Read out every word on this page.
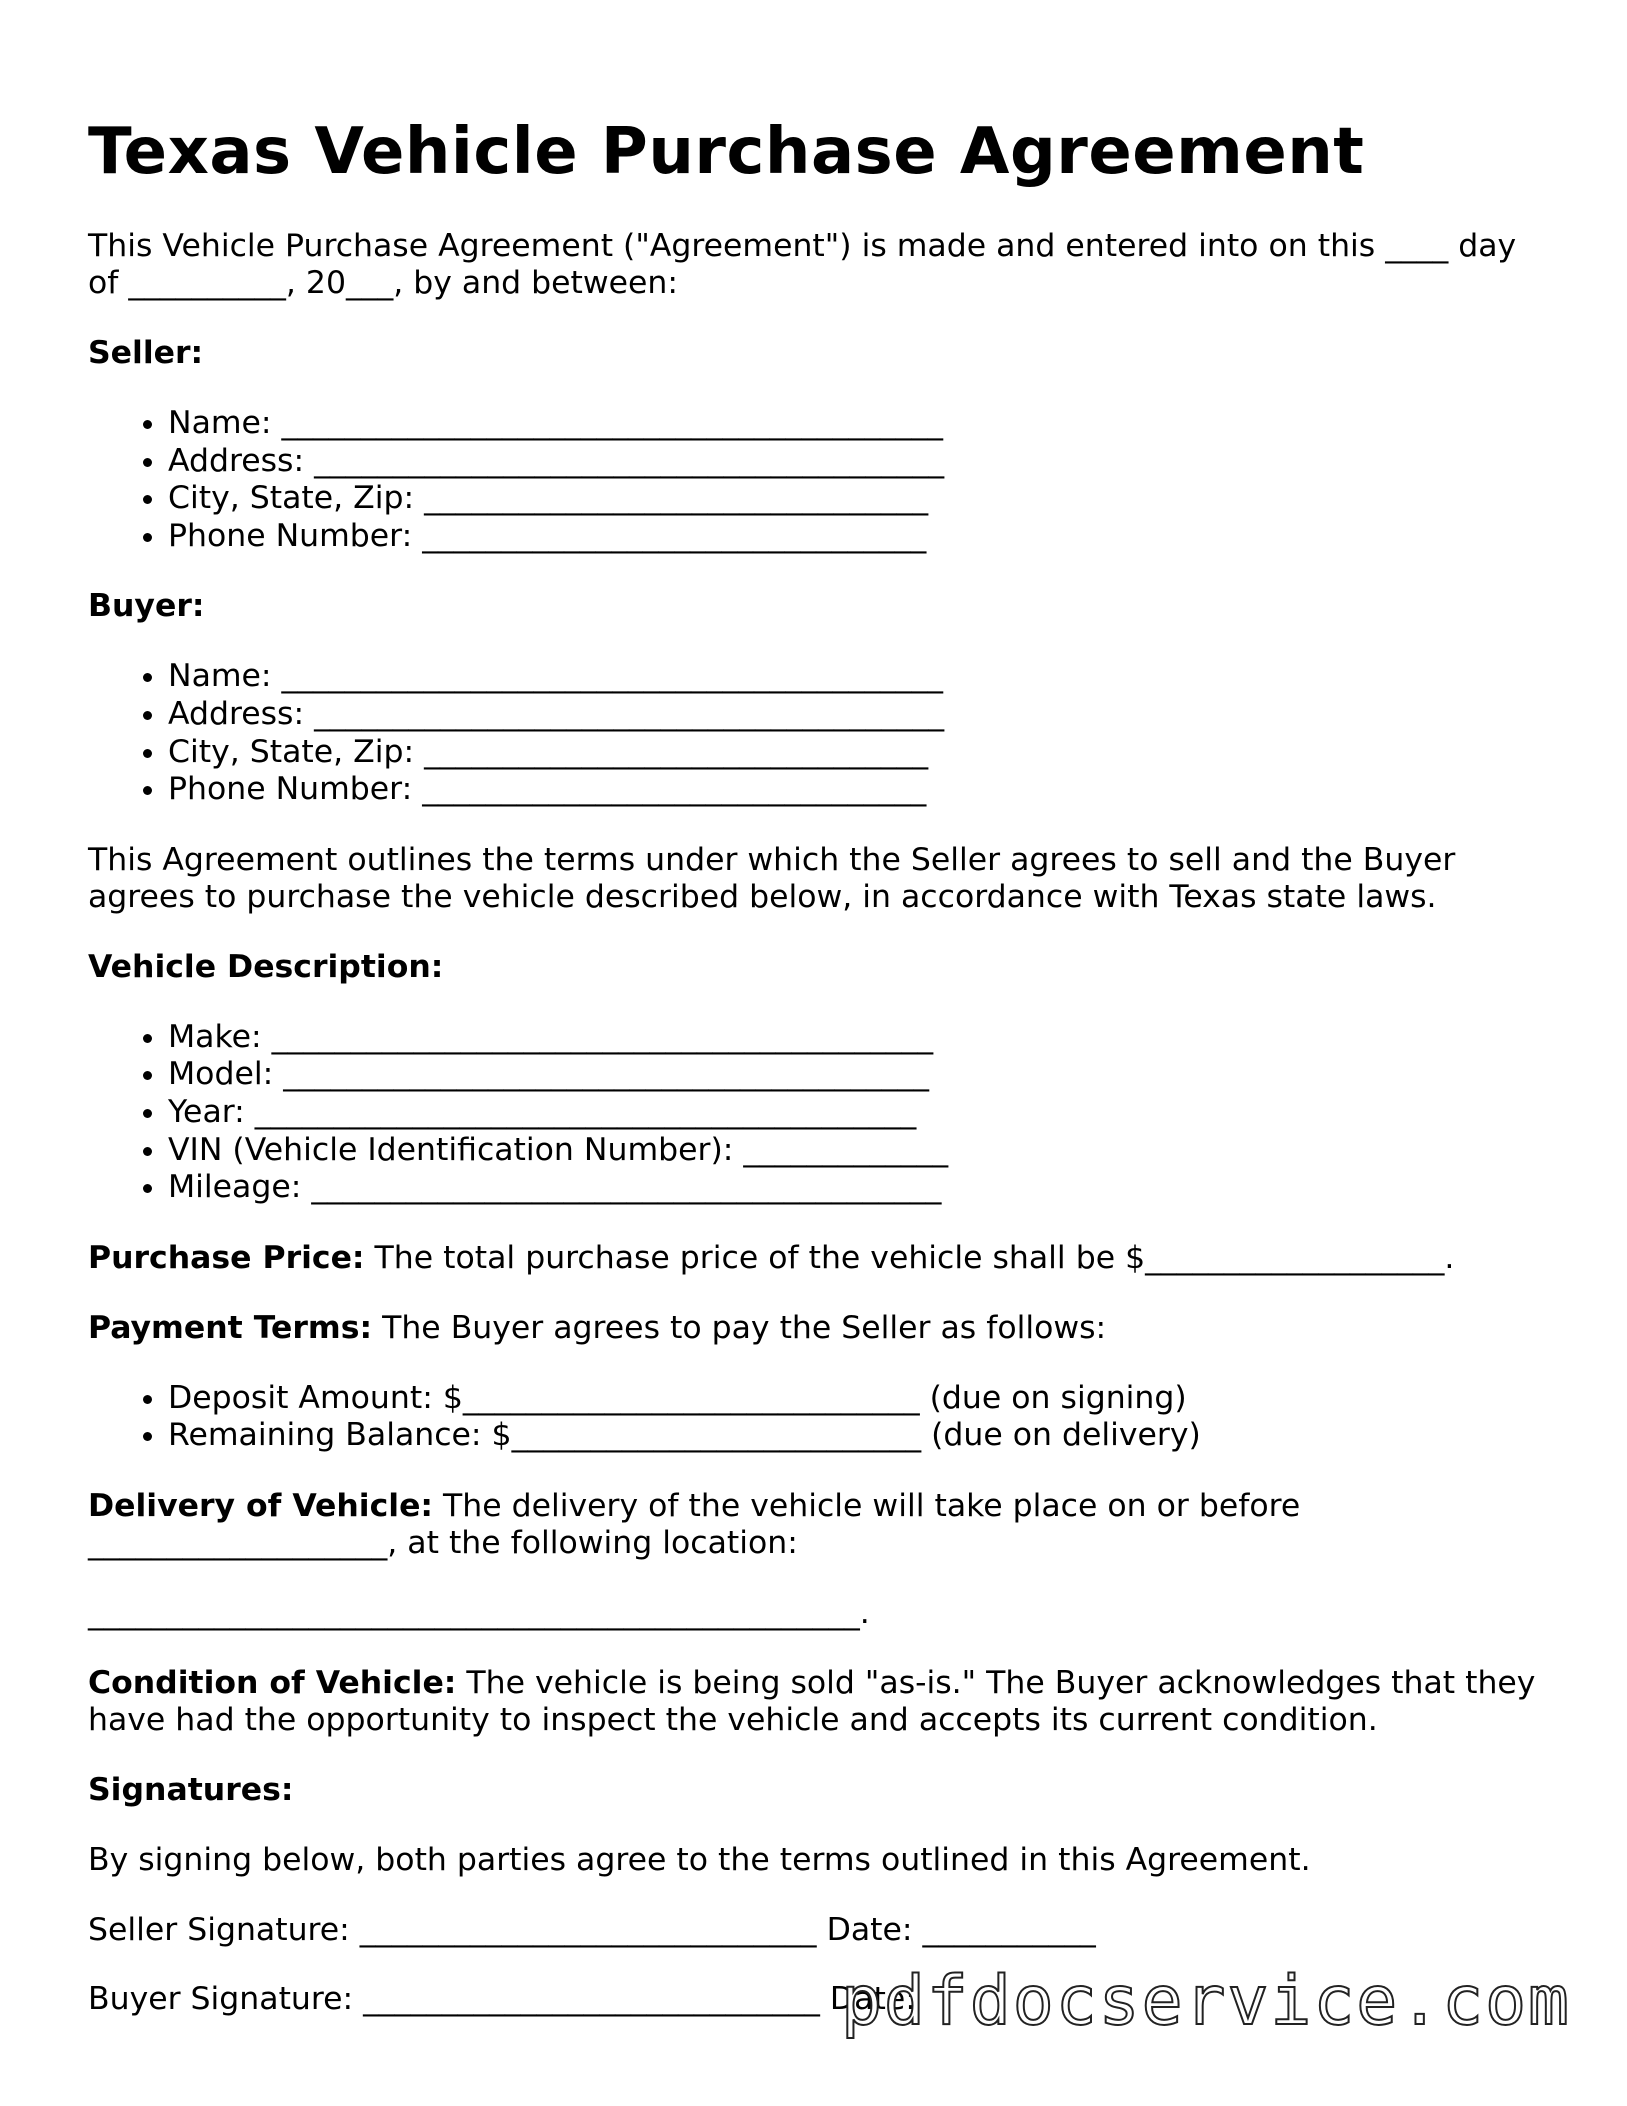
Texas Vehicle Purchase Agreement

This Vehicle Purchase Agreement ("Agreement") is made and entered into on this ____ day of __________, 20___, by and between:

Seller:

• Name: __________________________________________
• Address: ________________________________________
• City, State, Zip: ________________________________
• Phone Number: ________________________________

Buyer:

• Name: __________________________________________
• Address: ________________________________________
• City, State, Zip: ________________________________
• Phone Number: ________________________________

This Agreement outlines the terms under which the Seller agrees to sell and the Buyer agrees to purchase the vehicle described below, in accordance with Texas state laws.

Vehicle Description:

• Make: __________________________________________
• Model: _________________________________________
• Year: __________________________________________
• VIN (Vehicle Identification Number): _____________
• Mileage: ________________________________________

Purchase Price: The total purchase price of the vehicle shall be $___________________.

Payment Terms: The Buyer agrees to pay the Seller as follows:

• Deposit Amount: $_____________________________ (due on signing)
• Remaining Balance: $__________________________ (due on delivery)

Delivery of Vehicle: The delivery of the vehicle will take place on or before ___________________, at the following location:

_________________________________________________.

Condition of Vehicle: The vehicle is being sold "as-is." The Buyer acknowledges that they have had the opportunity to inspect the vehicle and accepts its current condition.

Signatures:

By signing below, both parties agree to the terms outlined in this Agreement.

Seller Signature: _____________________________ Date: ___________

Buyer Signature: _____________________________ Date:

pdfdocservice.com
